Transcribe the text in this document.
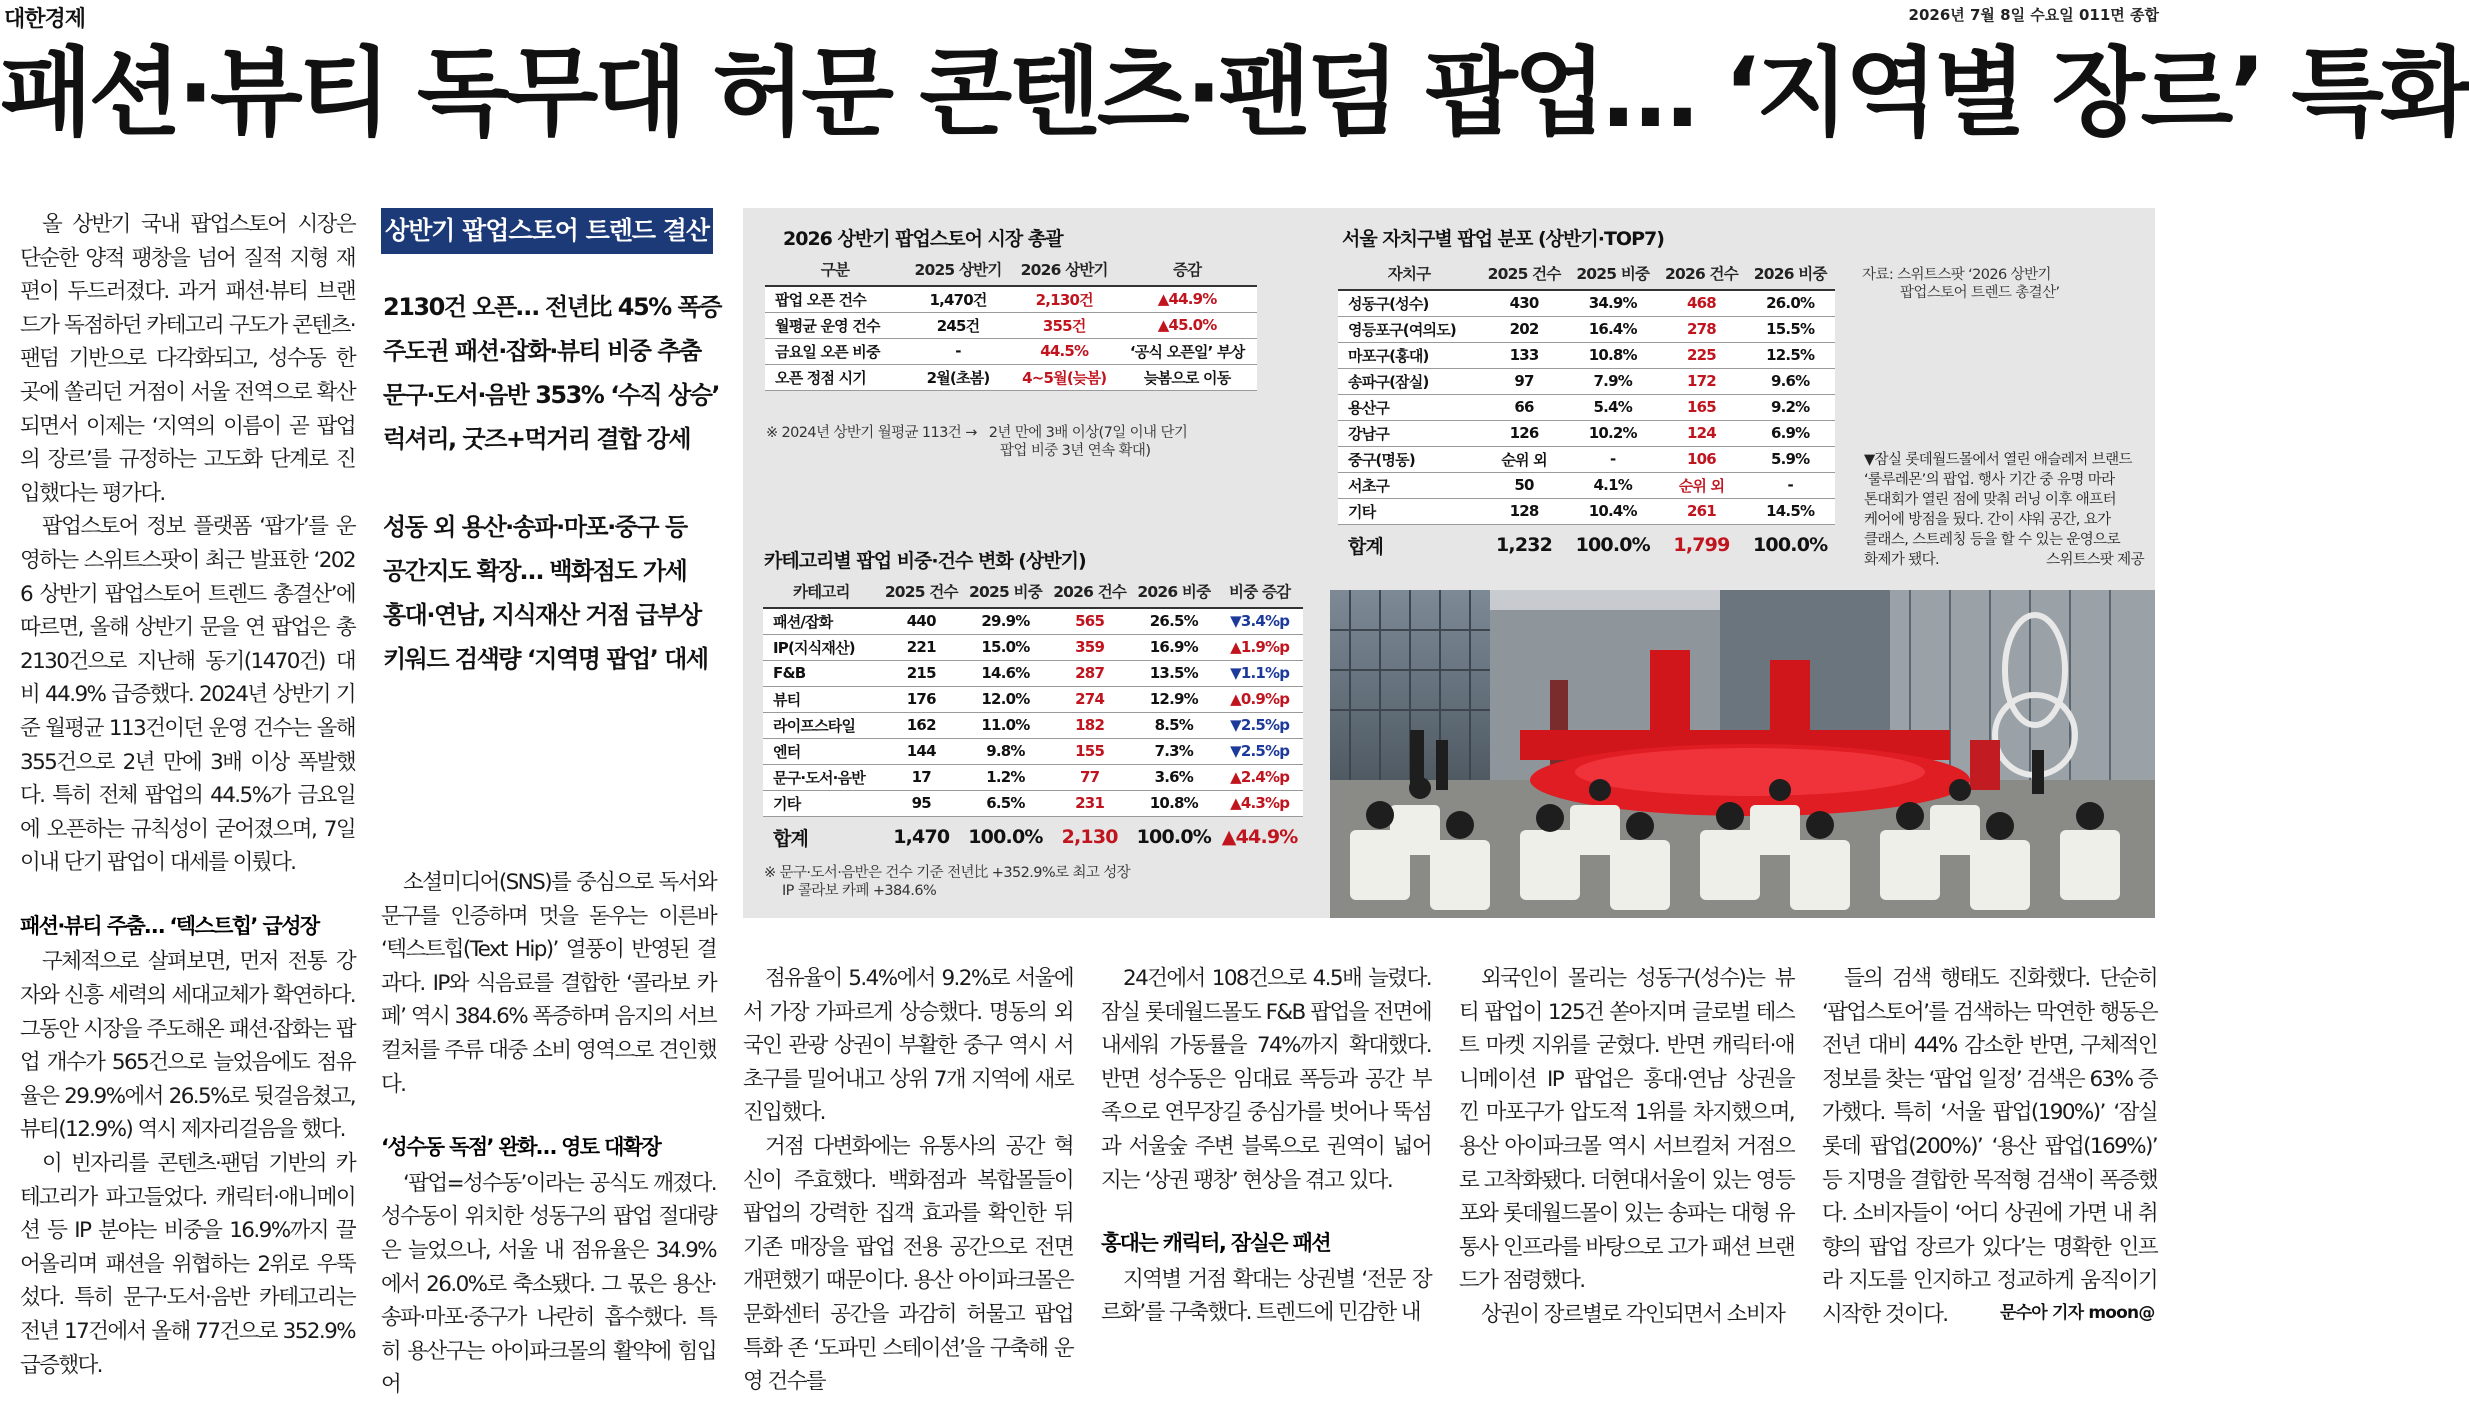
대한경제	2026년 7월 8일 수요일 011면 종합
패션·뷰티 독무대 허문 콘텐츠·팬덤 팝업… ‘지역별 장르’ 특화

올 상반기 국내 팝업스토어 시장은 단순한 양적 팽창을 넘어 질적 지형 재편이 두드러졌다. 과거 패션·뷰티 브랜드가 독점하던 카테고리 구도가 콘텐츠·팬덤 기반으로 다각화되고, 성수동 한 곳에 쏠리던 거점이 서울 전역으로 확산되면서 이제는 ‘지역의 이름이 곧 팝업의 장르’를 규정하는 고도화 단계로 진입했다는 평가다.

팝업스토어 정보 플랫폼 ‘팝가’를 운영하는 스위트스팟이 최근 발표한 ‘2026 상반기 팝업스토어 트렌드 총결산’에 따르면, 올해 상반기 문을 연 팝업은 총 2130건으로 지난해 동기(1470건) 대비 44.9% 급증했다. 2024년 상반기 기준 월평균 113건이던 운영 건수는 올해 355건으로 2년 만에 3배 이상 폭발했다. 특히 전체 팝업의 44.5%가 금요일에 오픈하는 규칙성이 굳어졌으며, 7일 이내 단기 팝업이 대세를 이뤘다.

패션·뷰티 주춤… ‘텍스트힙’ 급성장

구체적으로 살펴보면, 먼저 전통 강자와 신흥 세력의 세대교체가 확연하다. 그동안 시장을 주도해온 패션·잡화는 팝업 개수가 565건으로 늘었음에도 점유율은 29.9%에서 26.5%로 뒷걸음쳤고, 뷰티(12.9%) 역시 제자리걸음을 했다.

이 빈자리를 콘텐츠·팬덤 기반의 카테고리가 파고들었다. 캐릭터·애니메이션 등 IP 분야는 비중을 16.9%까지 끌어올리며 패션을 위협하는 2위로 우뚝 섰다. 특히 문구·도서·음반 카테고리는 전년 17건에서 올해 77건으로 352.9% 급증했다.

상반기 팝업스토어 트렌드 결산
2130건 오픈… 전년比 45% 폭증
주도권 패션·잡화·뷰티 비중 추춤
문구·도서·음반 353% ‘수직 상승’
럭셔리, 굿즈+먹거리 결합 강세
성동 외 용산·송파·마포·중구 등
공간지도 확장… 백화점도 가세
홍대·연남, 지식재산 거점 급부상
키워드 검색량 ‘지역명 팝업’ 대세

소셜미디어(SNS)를 중심으로 독서와 문구를 인증하며 멋을 돋우는 이른바 ‘텍스트힙(Text Hip)’ 열풍이 반영된 결과다. IP와 식음료를 결합한 ‘콜라보 카페’ 역시 384.6% 폭증하며 음지의 서브컬처를 주류 대중 소비 영역으로 견인했다.

‘성수동 독점’ 완화… 영토 대확장

‘팝업=성수동’이라는 공식도 깨졌다. 성수동이 위치한 성동구의 팝업 절대량은 늘었으나, 서울 내 점유율은 34.9%에서 26.0%로 축소됐다. 그 몫은 용산·송파·마포·중구가 나란히 흡수했다. 특히 용산구는 아이파크몰의 활약에 힘입어

점유율이 5.4%에서 9.2%로 서울에서 가장 가파르게 상승했다. 명동의 외국인 관광 상권이 부활한 중구 역시 서초구를 밀어내고 상위 7개 지역에 새로 진입했다.

거점 다변화에는 유통사의 공간 혁신이 주효했다. 백화점과 복합몰들이 팝업의 강력한 집객 효과를 확인한 뒤 기존 매장을 팝업 전용 공간으로 전면 개편했기 때문이다. 용산 아이파크몰은 문화센터 공간을 과감히 허물고 팝업 특화 존 ‘도파민 스테이션’을 구축해 운영 건수를

24건에서 108건으로 4.5배 늘렸다. 잠실 롯데월드몰도 F&B 팝업을 전면에 내세워 가동률을 74%까지 확대했다. 반면 성수동은 임대료 폭등과 공간 부족으로 연무장길 중심가를 벗어나 뚝섬과 서울숲 주변 블록으로 권역이 넓어지는 ‘상권 팽창’ 현상을 겪고 있다.

홍대는 캐릭터, 잠실은 패션

지역별 거점 확대는 상권별 ‘전문 장르화’를 구축했다. 트렌드에 민감한 내

외국인이 몰리는 성동구(성수)는 뷰티 팝업이 125건 쏟아지며 글로벌 테스트 마켓 지위를 굳혔다. 반면 캐릭터·애니메이션 IP 팝업은 홍대·연남 상권을 낀 마포구가 압도적 1위를 차지했으며, 용산 아이파크몰 역시 서브컬처 거점으로 고착화됐다. 더현대서울이 있는 영등포와 롯데월드몰이 있는 송파는 대형 유통사 인프라를 바탕으로 고가 패션 브랜드가 점령했다.

상권이 장르별로 각인되면서 소비자

들의 검색 행태도 진화했다. 단순히 ‘팝업스토어’를 검색하는 막연한 행동은 전년 대비 44% 감소한 반면, 구체적인 정보를 찾는 ‘팝업 일정’ 검색은 63% 증가했다. 특히 ‘서울 팝업(190%)’ ‘잠실 롯데 팝업(200%)’ ‘용산 팝업(169%)’ 등 지명을 결합한 목적형 검색이 폭증했다. 소비자들이 ‘어디 상권에 가면 내 취향의 팝업 장르가 있다’는 명확한 인프라 지도를 인지하고 정교하게 움직이기 시작한 것이다.	문수아 기자 moon@
2026 상반기 팝업스토어 시장 총괄
구분	2025 상반기	2026 상반기	증감
팝업 오픈 건수	1,470건	2,130건	▲44.9%
월평균 운영 건수	245건	355건	▲45.0%
금요일 오픈 비중	-	44.5%	‘공식 오픈일’ 부상
오픈 정점 시기	2월(초봄)	4~5월(늦봄)	늦봄으로 이동
※ 2024년 상반기 월평균 113건 → 2년 만에 3배 이상(7일 이내 단기
팝업 비중 3년 연속 확대)
카테고리별 팝업 비중·건수 변화 (상반기)
카테고리	2025 건수	2025 비중	2026 건수	2026 비중	비중 증감
패션/잡화	440	29.9%	565	26.5%	▼3.4%p
IP(지식재산)	221	15.0%	359	16.9%	▲1.9%p
F&B	215	14.6%	287	13.5%	▼1.1%p
뷰티	176	12.0%	274	12.9%	▲0.9%p
라이프스타일	162	11.0%	182	8.5%	▼2.5%p
엔터	144	9.8%	155	7.3%	▼2.5%p
문구·도서·음반	17	1.2%	77	3.6%	▲2.4%p
기타	95	6.5%	231	10.8%	▲4.3%p
합계	1,470	100.0%	2,130	100.0%	▲44.9%
※ 문구·도서·음반은 건수 기준 전년比 +352.9%로 최고 성장
IP 콜라보 카페 +384.6%
서울 자치구별 팝업 분포 (상반기·TOP7)
자치구	2025 건수	2025 비중	2026 건수	2026 비중
성동구(성수)	430	34.9%	468	26.0%
영등포구(여의도)	202	16.4%	278	15.5%
마포구(홍대)	133	10.8%	225	12.5%
송파구(잠실)	97	7.9%	172	9.6%
용산구	66	5.4%	165	9.2%
강남구	126	10.2%	124	6.9%
중구(명동)	순위 외	-	106	5.9%
서초구	50	4.1%	순위 외	-
기타	128	10.4%	261	14.5%
합계	1,232	100.0%	1,799	100.0%
자료: 스위트스팟 ‘2026 상반기
팝업스토어 트렌드 총결산’
▼잠실 롯데월드몰에서 열린 애슬레저 브랜드
‘룰루레몬’의 팝업. 행사 기간 중 유명 마라
톤대회가 열린 점에 맞춰 러닝 이후 애프터
케어에 방점을 뒀다. 간이 샤워 공간, 요가
클래스, 스트레칭 등을 할 수 있는 운영으로
화제가 됐다.	스위트스팟 제공
